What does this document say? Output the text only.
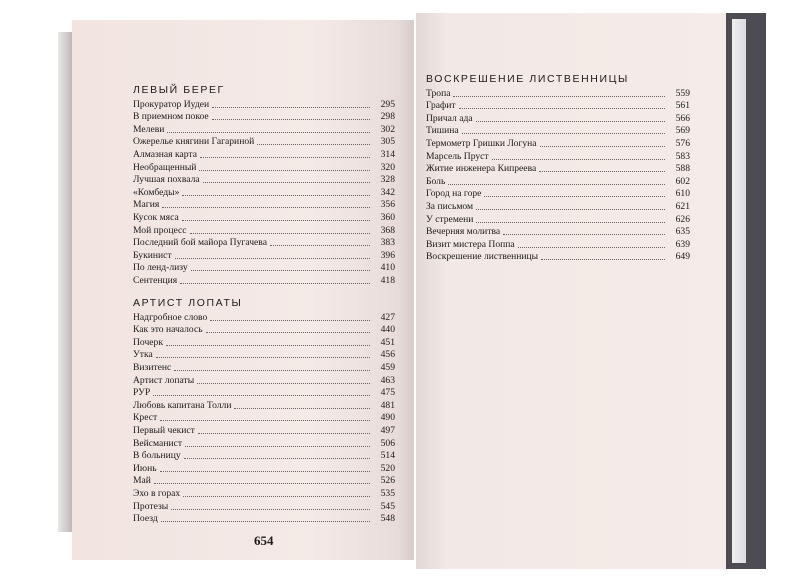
ЛЕВЫЙ БЕРЕГ
Прокуратор Иудеи	295
В приемном покое	298
Мелеви	302
Ожерелье княгини Гагариной	305
Алмазная карта	314
Необращенный	320
Лучшая похвала	328
«Комбеды»	342
Магия	356
Кусок мяса	360
Мой процесс	368
Последний бой майора Пугачева	383
Букинист	396
По ленд-лизу	410
Сентенция	418
АРТИСТ ЛОПАТЫ
Надгробное слово	427
Как это началось	440
Почерк	451
Утка	456
Визитенс	459
Артист лопаты	463
РУР	475
Любовь капитана Толли	481
Крест	490
Первый чекист	497
Вейсманист	506
В больницу	514
Июнь	520
Май	526
Эхо в горах	535
Протезы	545
Поезд	548
654
ВОСКРЕШЕНИЕ ЛИСТВЕННИЦЫ
Тропа	559
Графит	561
Причал ада	566
Тишина	569
Термометр Гришки Логуна	576
Марсель Пруст	583
Житие инженера Кипреева	588
Боль	602
Город на горе	610
За письмом	621
У стремени	626
Вечерняя молитва	635
Визит мистера Поппа	639
Воскрешение лиственницы	649
